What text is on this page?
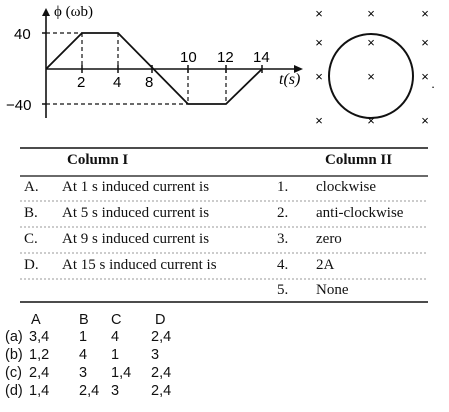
ϕ (ωb)
t(s)
40
−40
2 4 8
10 12 14
×	×	×
×	×	×
×	×	× .
×	×	×
Column I	Column II
A. At 1 s induced current is	1. clockwise
B. At 5 s induced current is	2. anti-clockwise
C. At 9 s induced current is	3. zero
D. At 15 s induced current is	4. 2A
5. None
A	B C D
(a) 3,4 1 4 2,4
(b) 1,2 4 1 3
(c) 2,4 3 1,4 2,4
(d) 1,4 2,4 3 2,4
